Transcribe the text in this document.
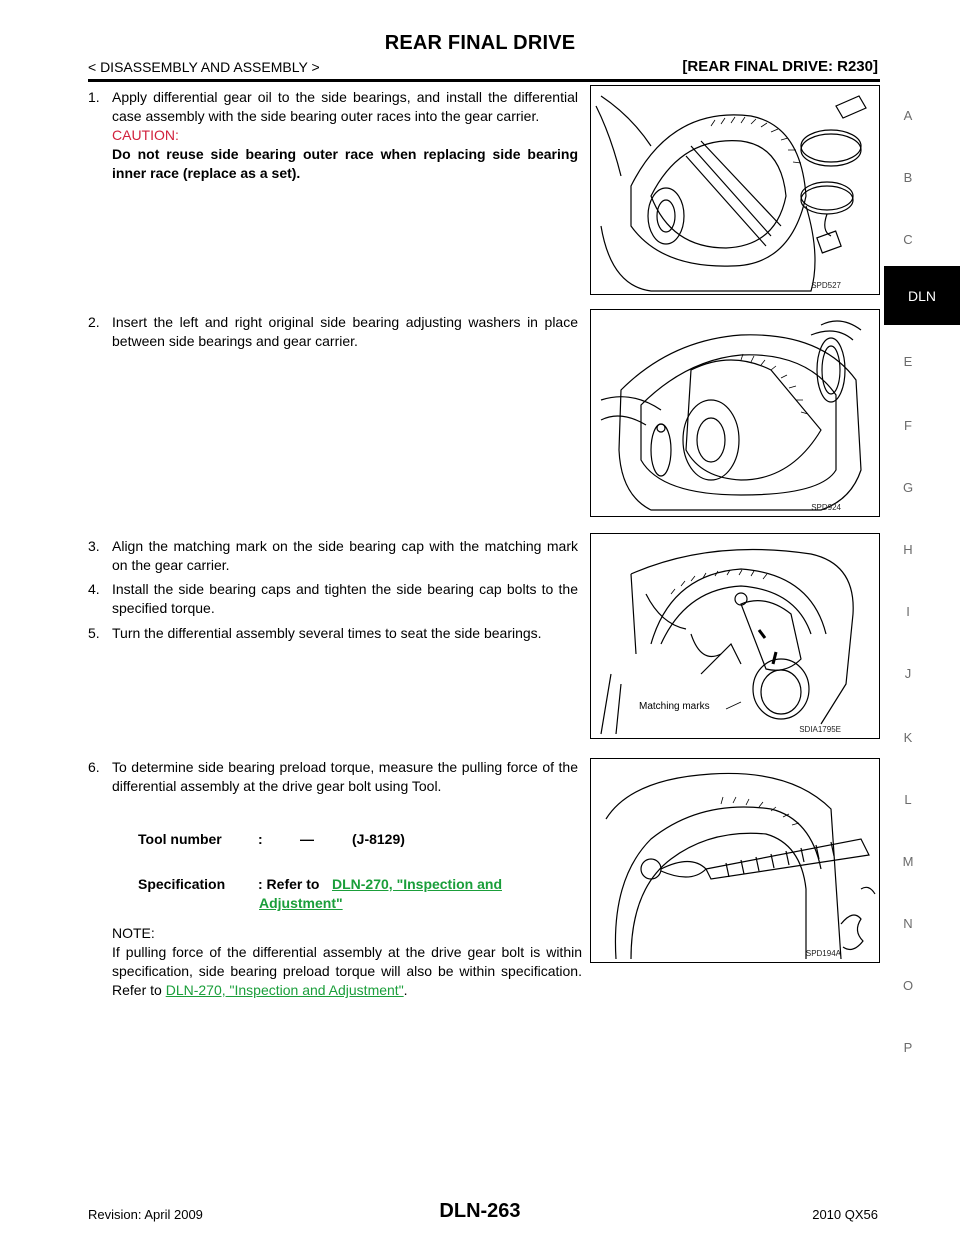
REAR FINAL DRIVE
< DISASSEMBLY AND ASSEMBLY >	[REAR FINAL DRIVE: R230]
A
B
C
DLN
E
F
G
H
I
J
K
L
M
N
O
P
1. Apply differential gear oil to the side bearings, and install the differential case assembly with the side bearing outer races into the gear carrier.
CAUTION:
Do not reuse side bearing outer race when replacing side bearing inner race (replace as a set).
SPD527
2. Insert the left and right original side bearing adjusting washers in place between side bearings and gear carrier.
SPD924
3. Align the matching mark on the side bearing cap with the matching mark on the gear carrier.
4. Install the side bearing caps and tighten the side bearing cap bolts to the specified torque.
5. Turn the differential assembly several times to seat the side bearings.
Matching marks
SDIA1795E
6. To determine side bearing preload torque, measure the pulling force of the differential assembly at the drive gear bolt using Tool.
Tool number	:	—	(J-8129)
Specification : Refer to DLN-270, "Inspection and
Adjustment"
NOTE:
If pulling force of the differential assembly at the drive gear bolt is within specification, side bearing preload torque will also be within specification. Refer to DLN-270, "Inspection and Adjustment".
SPD194A
Revision: April 2009	DLN-263	2010 QX56
